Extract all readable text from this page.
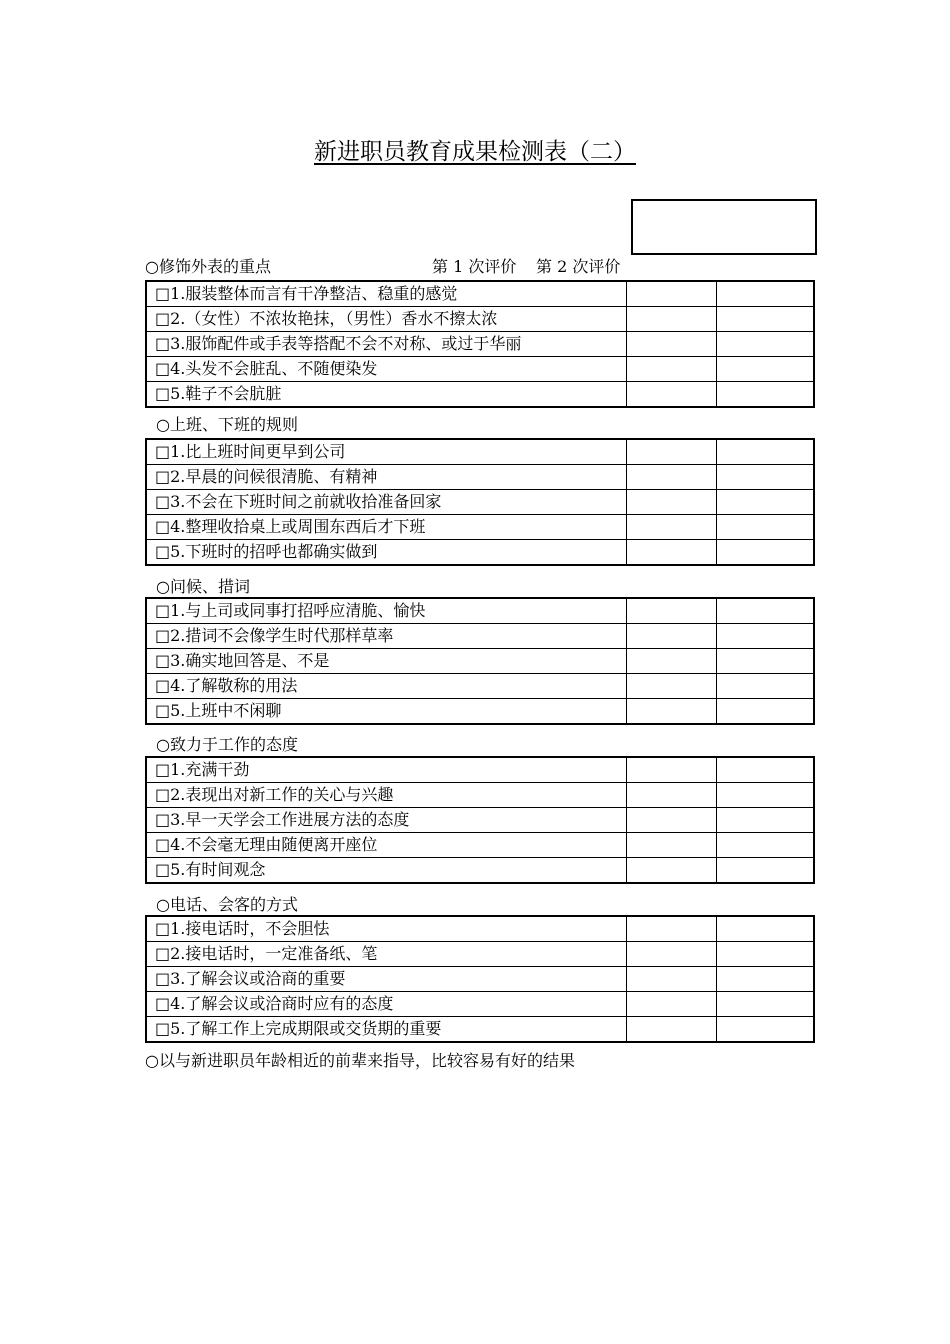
新进职员教育成果检测表（二）
○修饰外表的重点	第 1 次评价 第 2 次评价
□1.服装整体而言有干净整洁、稳重的感觉		
□2.（女性）不浓妆艳抹，（男性）香水不擦太浓		
□3.服饰配件或手表等搭配不会不对称、或过于华丽		
□4.头发不会脏乱、不随便染发		
□5.鞋子不会肮脏		
○上班、下班的规则
□1.比上班时间更早到公司		
□2.早晨的问候很清脆、有精神		
□3.不会在下班时间之前就收拾准备回家		
□4.整理收拾桌上或周围东西后才下班		
□5.下班时的招呼也都确实做到		
○问候、措词
□1.与上司或同事打招呼应清脆、愉快		
□2.措词不会像学生时代那样草率		
□3.确实地回答是、不是		
□4.了解敬称的用法		
□5.上班中不闲聊		
○致力于工作的态度
□1.充满干劲		
□2.表现出对新工作的关心与兴趣		
□3.早一天学会工作进展方法的态度		
□4.不会毫无理由随便离开座位		
□5.有时间观念		
○电话、会客的方式
□1.接电话时，不会胆怯		
□2.接电话时，一定准备纸、笔		
□3.了解会议或洽商的重要		
□4.了解会议或洽商时应有的态度		
□5.了解工作上完成期限或交货期的重要		
○以与新进职员年龄相近的前辈来指导，比较容易有好的结果
